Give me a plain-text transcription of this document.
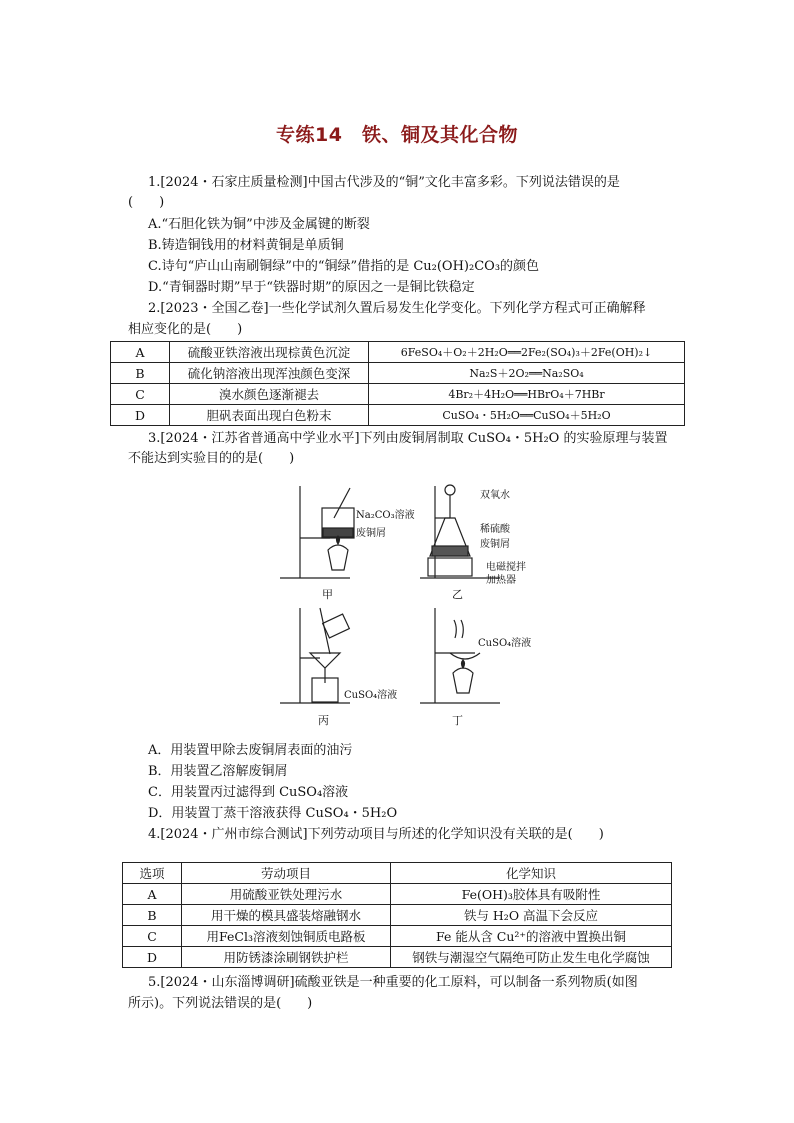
专练14　铁、铜及其化合物
1.[2024・石家庄质量检测]中国古代涉及的“铜”文化丰富多彩。下列说法错误的是
(　　)
A.“石胆化铁为铜”中涉及金属键的断裂
B.铸造铜钱用的材料黄铜是单质铜
C.诗句“庐山山南刷铜绿”中的“铜绿”借指的是 Cu₂(OH)₂CO₃的颜色
D.“青铜器时期”早于“铁器时期”的原因之一是铜比铁稳定
2.[2023・全国乙卷]一些化学试剂久置后易发生化学变化。下列化学方程式可正确解释
相应变化的是(　　)
A	硫酸亚铁溶液出现棕黄色沉淀	6FeSO₄＋O₂＋2H₂O══2Fe₂(SO₄)₃＋2Fe(OH)₂↓
B	硫化钠溶液出现浑浊颜色变深	Na₂S＋2O₂══Na₂SO₄
C	溴水颜色逐渐褪去	4Br₂＋4H₂O══HBrO₄＋7HBr
D	胆矾表面出现白色粉末	CuSO₄・5H₂O══CuSO₄＋5H₂O
3.[2024・江苏省普通高中学业水平]下列由废铜屑制取 CuSO₄・5H₂O 的实验原理与装置
不能达到实验目的的是(　　)
Na₂CO₃溶液
废铜屑
双氧水
稀硫酸
废铜屑
电磁搅拌
加热器
CuSO₄溶液
CuSO₄溶液
甲	乙
丙	丁
A．用装置甲除去废铜屑表面的油污
B．用装置乙溶解废铜屑
C．用装置丙过滤得到 CuSO₄溶液
D．用装置丁蒸干溶液获得 CuSO₄・5H₂O
4.[2024・广州市综合测试]下列劳动项目与所述的化学知识没有关联的是(　　)
选项	劳动项目	化学知识
A	用硫酸亚铁处理污水	Fe(OH)₃胶体具有吸附性
B	用干燥的模具盛装熔融钢水	铁与 H₂O 高温下会反应
C	用FeCl₃溶液刻蚀铜质电路板	Fe 能从含 Cu²⁺的溶液中置换出铜
D	用防锈漆涂刷钢铁护栏	钢铁与潮湿空气隔绝可防止发生电化学腐蚀
5.[2024・山东淄博调研]硫酸亚铁是一种重要的化工原料，可以制备一系列物质(如图
所示)。下列说法错误的是(　　)
